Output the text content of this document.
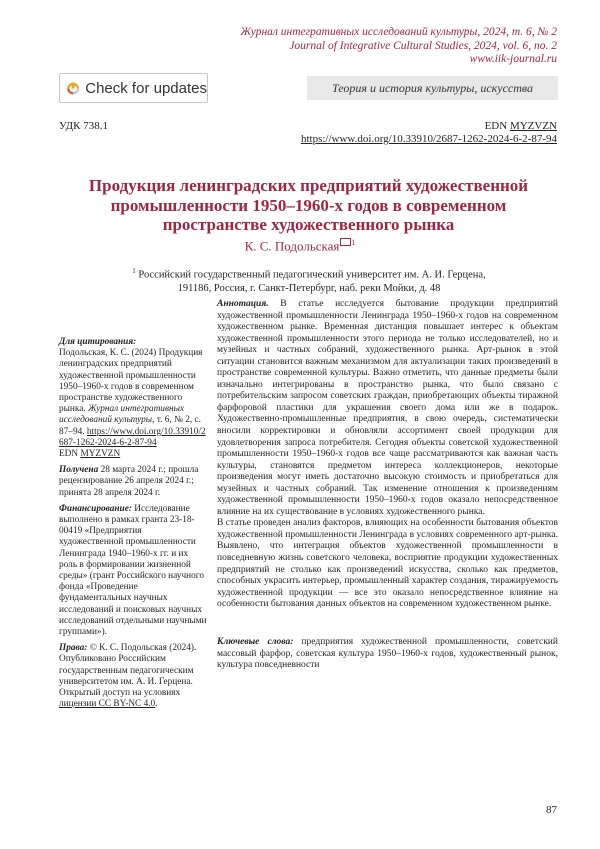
Журнал интегративных исследований культуры, 2024, т. 6, № 2
Journal of Integrative Cultural Studies, 2024, vol. 6, no. 2
www.iik-journal.ru
Check for updates	Теория и история культуры, искусства
УДК 738.1	EDN MYZVZN
https://www.doi.org/10.33910/2687-1262-2024-6-2-87-94
Продукция ленинградских предприятий художественной промышленности 1950–1960-х годов в современном пространстве художественного рынка
К. С. Подольская $^1$
$^1$ Российский государственный педагогический университет им. А. И. Герцена,
191186, Россия, г. Санкт-Петербург, наб. реки Мойки, д. 48

Для цитирования:
Подольская, К. С. (2024) Продукция ленинградских предприятий художественной промышленности 1950–1960-х годов в современном пространстве художественного рынка. Журнал интегративных исследований культуры, т. 6, № 2, с. 87–94. https://www.doi.org/10.33910/2687-1262-2024-6-2-87-94
EDN MYZVZN

Получена 28 марта 2024 г.; прошла рецензирование 26 апреля 2024 г.; принята 28 апреля 2024 г.

Финансирование: Исследование выполнено в рамках гранта 23-18-00419 «Предприятия художественной промышленности Ленинграда 1940–1960-х гг. и их роль в формировании жизненной среды» (грант Российского научного фонда «Проведение фундаментальных научных исследований и поисковых научных исследований отдельными научными группами»).

Права: © К. С. Подольская (2024). Опубликовано Российским государственным педагогическим университетом им. А. И. Герцена. Открытый доступ на условиях лицензии CC BY-NC 4.0.

Аннотация. В статье исследуется бытование продукции предприятий художественной промышленности Ленинграда 1950–1960-х годов на современном художественном рынке. Временная дистанция повышает интерес к объектам художественной промышленности этого периода не только исследователей, но и музейных и частных собраний, художественного рынка. Арт-рынок в этой ситуации становится важным механизмом для актуализации таких произведений в пространстве современной культуры. Важно отметить, что данные предметы были изначально интегрированы в пространство рынка, что было связано с потребительским запросом советских граждан, приобретающих объекты тиражной фарфоровой пластики для украшения своего дома или же в подарок. Художественно-промышленные предприятия, в свою очередь, систематически вносили корректировки и обновляли ассортимент своей продукции для удовлетворения запроса потребителя. Сегодня объекты советской художественной промышленности 1950–1960-х годов все чаще рассматриваются как важная часть культуры, становятся предметом интереса коллекционеров, некоторые произведения могут иметь достаточно высокую стоимость и приобретаться для музейных и частных собраний. Так изменение отношения к произведениям художественной промышленности 1950–1960-х годов оказало непосредственное влияние на их существование в условиях художественного рынка.

В статье проведен анализ факторов, влияющих на особенности бытования объектов художественной промышленности Ленинграда в условиях современного арт-рынка. Выявлено, что интеграция объектов художественной промышленности в повседневную жизнь советского человека, восприятие продукции художественных предприятий не столько как произведений искусства, сколько как предметов, способных украсить интерьер, промышленный характер создания, тиражируемость художественной продукции — все это оказало непосредственное влияние на особенности бытования данных объектов на современном художественном рынке.

Ключевые слова: предприятия художественной промышленности, советский массовый фарфор, советская культура 1950–1960-х годов, художественный рынок, культура повседневности
87
